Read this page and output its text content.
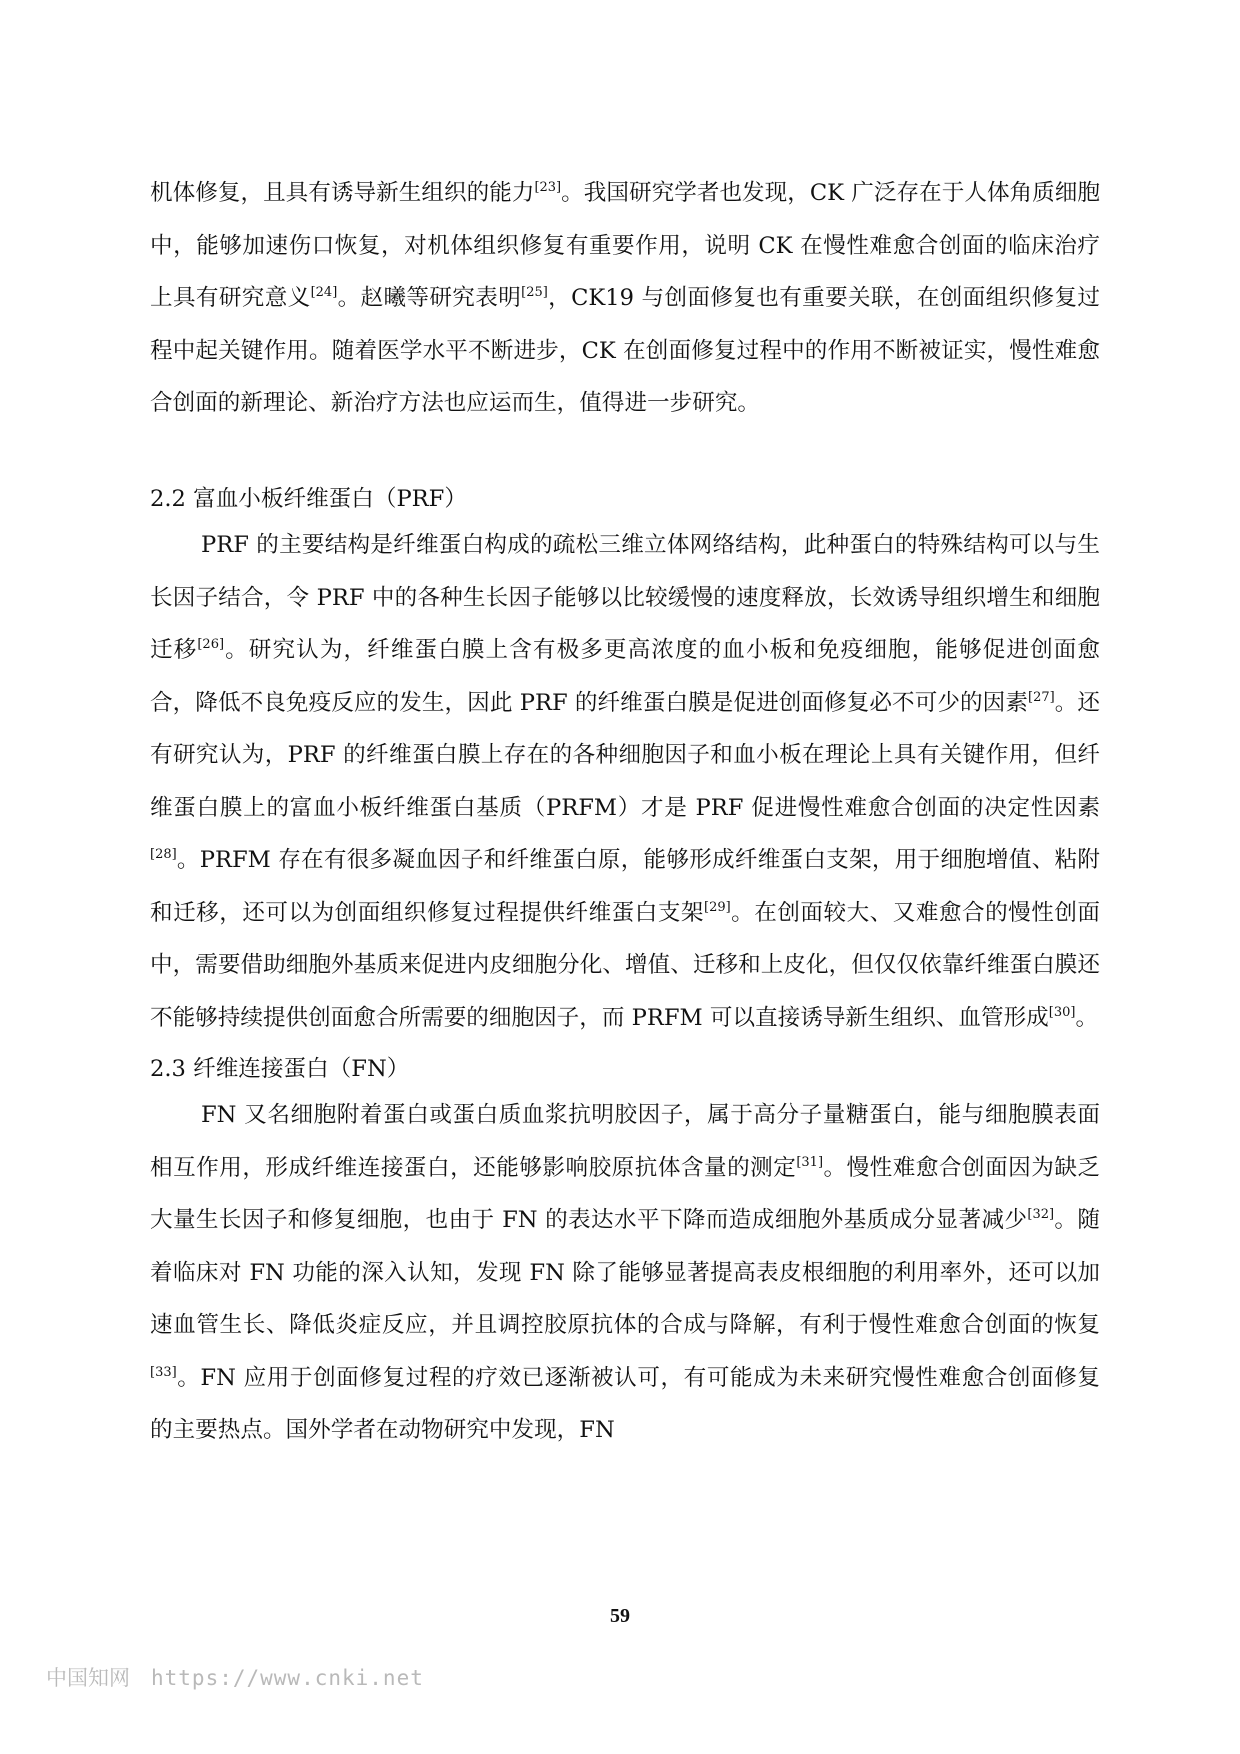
机体修复，且具有诱导新生组织的能力[23]。我国研究学者也发现，CK 广泛存在于人体角质细胞中，能够加速伤口恢复，对机体组织修复有重要作用，说明 CK 在慢性难愈合创面的临床治疗上具有研究意义[24]。赵曦等研究表明[25]，CK19 与创面修复也有重要关联，在创面组织修复过程中起关键作用。随着医学水平不断进步，CK 在创面修复过程中的作用不断被证实，慢性难愈合创面的新理论、新治疗方法也应运而生，值得进一步研究。

2.2 富血小板纤维蛋白（PRF）

PRF 的主要结构是纤维蛋白构成的疏松三维立体网络结构，此种蛋白的特殊结构可以与生长因子结合，令 PRF 中的各种生长因子能够以比较缓慢的速度释放，长效诱导组织增生和细胞迁移[26]。研究认为，纤维蛋白膜上含有极多更高浓度的血小板和免疫细胞，能够促进创面愈合，降低不良免疫反应的发生，因此 PRF 的纤维蛋白膜是促进创面修复必不可少的因素[27]。还有研究认为，PRF 的纤维蛋白膜上存在的各种细胞因子和血小板在理论上具有关键作用，但纤维蛋白膜上的富血小板纤维蛋白基质（PRFM）才是 PRF 促进慢性难愈合创面的决定性因素[28]。PRFM 存在有很多凝血因子和纤维蛋白原，能够形成纤维蛋白支架，用于细胞增值、粘附和迁移，还可以为创面组织修复过程提供纤维蛋白支架[29]。在创面较大、又难愈合的慢性创面中，需要借助细胞外基质来促进内皮细胞分化、增值、迁移和上皮化，但仅仅依靠纤维蛋白膜还不能够持续提供创面愈合所需要的细胞因子，而 PRFM 可以直接诱导新生组织、血管形成[30]。

2.3 纤维连接蛋白（FN）

FN 又名细胞附着蛋白或蛋白质血浆抗明胶因子，属于高分子量糖蛋白，能与细胞膜表面相互作用，形成纤维连接蛋白，还能够影响胶原抗体含量的测定[31]。慢性难愈合创面因为缺乏大量生长因子和修复细胞，也由于 FN 的表达水平下降而造成细胞外基质成分显著减少[32]。随着临床对 FN 功能的深入认知，发现 FN 除了能够显著提高表皮根细胞的利用率外，还可以加速血管生长、降低炎症反应，并且调控胶原抗体的合成与降解，有利于慢性难愈合创面的恢复[33]。FN 应用于创面修复过程的疗效已逐渐被认可，有可能成为未来研究慢性难愈合创面修复的主要热点。国外学者在动物研究中发现，FN

59
中国知网 https://www.cnki.net
